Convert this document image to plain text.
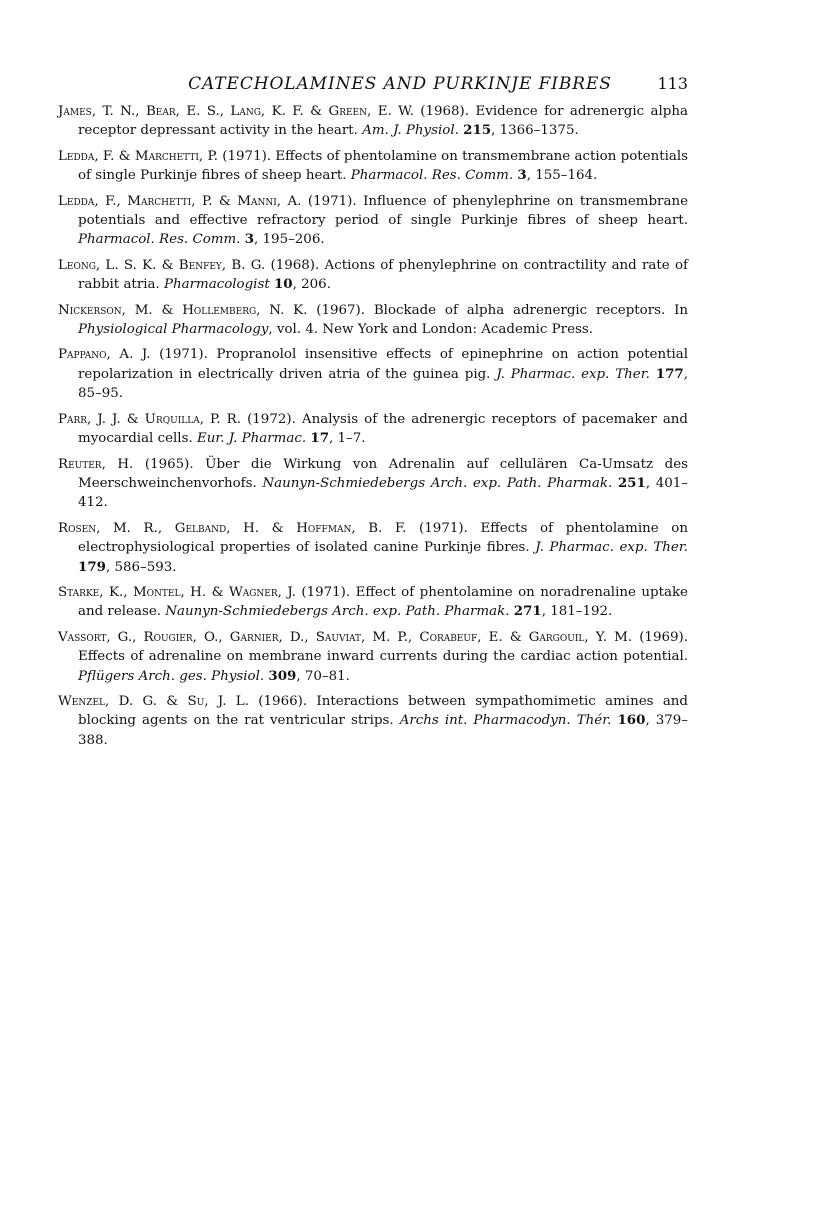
CATECHOLAMINES AND PURKINJE FIBRES	113

James, T. N., Bear, E. S., Lang, K. F. & Green, E. W. (1968). Evidence for adrenergic alpha receptor depressant activity in the heart. Am. J. Physiol. 215, 1366–1375.

Ledda, F. & Marchetti, P. (1971). Effects of phentolamine on transmembrane action potentials of single Purkinje fibres of sheep heart. Pharmacol. Res. Comm. 3, 155–164.

Ledda, F., Marchetti, P. & Manni, A. (1971). Influence of phenylephrine on transmembrane potentials and effective refractory period of single Purkinje fibres of sheep heart. Pharmacol. Res. Comm. 3, 195–206.

Leong, L. S. K. & Benfey, B. G. (1968). Actions of phenylephrine on contractility and rate of rabbit atria. Pharmacologist 10, 206.

Nickerson, M. & Hollemberg, N. K. (1967). Blockade of alpha adrenergic receptors. In Physiological Pharmacology, vol. 4. New York and London: Academic Press.

Pappano, A. J. (1971). Propranolol insensitive effects of epinephrine on action potential repolarization in electrically driven atria of the guinea pig. J. Pharmac. exp. Ther. 177, 85–95.

Parr, J. J. & Urquilla, P. R. (1972). Analysis of the adrenergic receptors of pacemaker and myocardial cells. Eur. J. Pharmac. 17, 1–7.

Reuter, H. (1965). Über die Wirkung von Adrenalin auf cellulären Ca-Umsatz des Meerschweinchenvorhofs. Naunyn-Schmiedebergs Arch. exp. Path. Pharmak. 251, 401–412.

Rosen, M. R., Gelband, H. & Hoffman, B. F. (1971). Effects of phentolamine on electrophysiological properties of isolated canine Purkinje fibres. J. Pharmac. exp. Ther. 179, 586–593.

Starke, K., Montel, H. & Wagner, J. (1971). Effect of phentolamine on noradrenaline uptake and release. Naunyn-Schmiedebergs Arch. exp. Path. Pharmak. 271, 181–192.

Vassort, G., Rougier, O., Garnier, D., Sauviat, M. P., Corabeuf, E. & Gargouil, Y. M. (1969). Effects of adrenaline on membrane inward currents during the cardiac action potential. Pflügers Arch. ges. Physiol. 309, 70–81.

Wenzel, D. G. & Su, J. L. (1966). Interactions between sympathomimetic amines and blocking agents on the rat ventricular strips. Archs int. Pharmacodyn. Thér. 160, 379–388.
